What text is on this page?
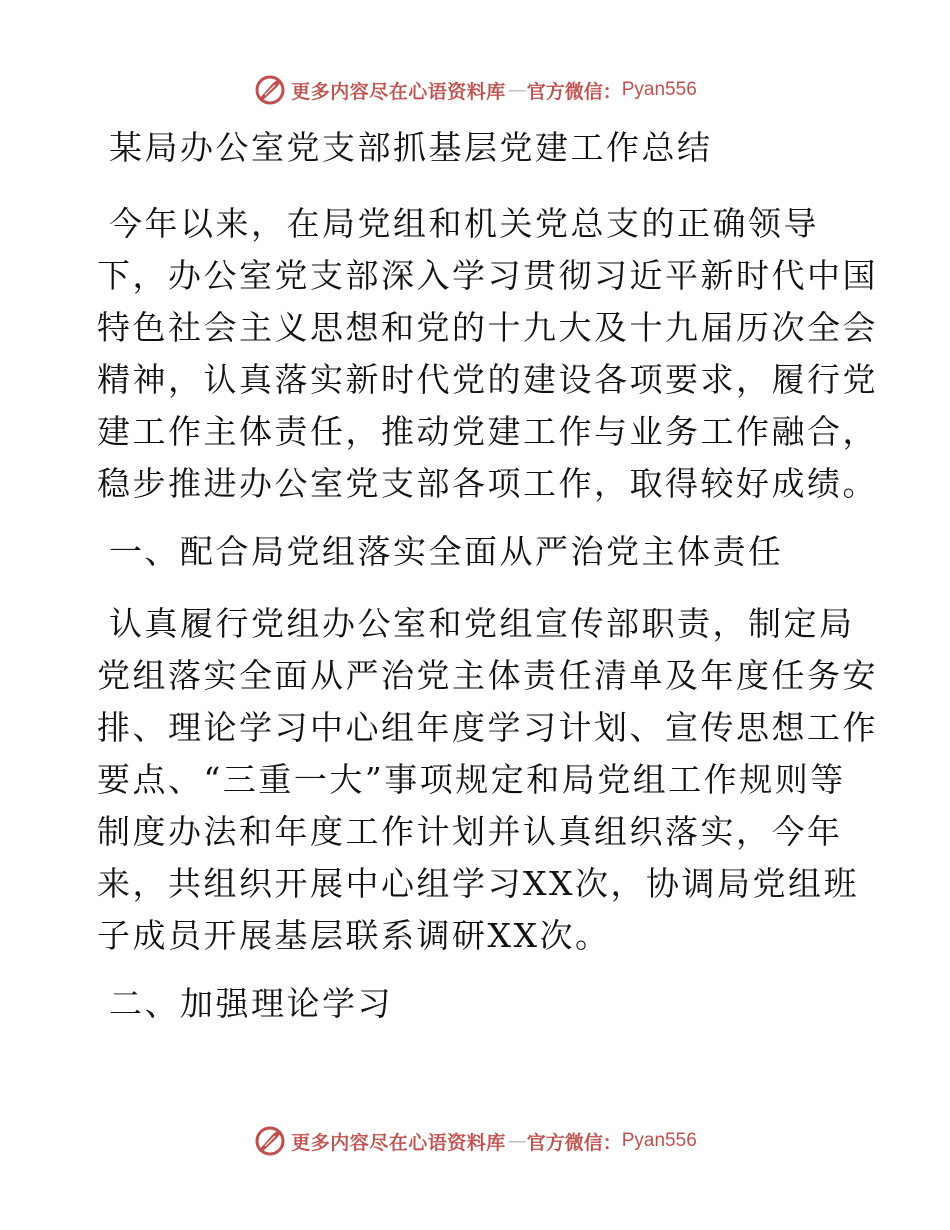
更多内容尽在心语资料库 — 官方微信： Pyan556
某局办公室党支部抓基层党建工作总结
今年以来，在局党组和机关党总支的正确领导
下，办公室党支部深入学习贯彻习近平新时代中国
特色社会主义思想和党的十九大及十九届历次全会
精神，认真落实新时代党的建设各项要求，履行党
建工作主体责任，推动党建工作与业务工作融合，
稳步推进办公室党支部各项工作，取得较好成绩。
一、配合局党组落实全面从严治党主体责任
认真履行党组办公室和党组宣传部职责，制定局
党组落实全面从严治党主体责任清单及年度任务安
排、理论学习中心组年度学习计划、宣传思想工作
要点、“三重一大”事项规定和局党组工作规则等
制度办法和年度工作计划并认真组织落实，今年
来，共组织开展中心组学习XX次，协调局党组班
子成员开展基层联系调研XX次。
二、加强理论学习
更多内容尽在心语资料库 — 官方微信： Pyan556
